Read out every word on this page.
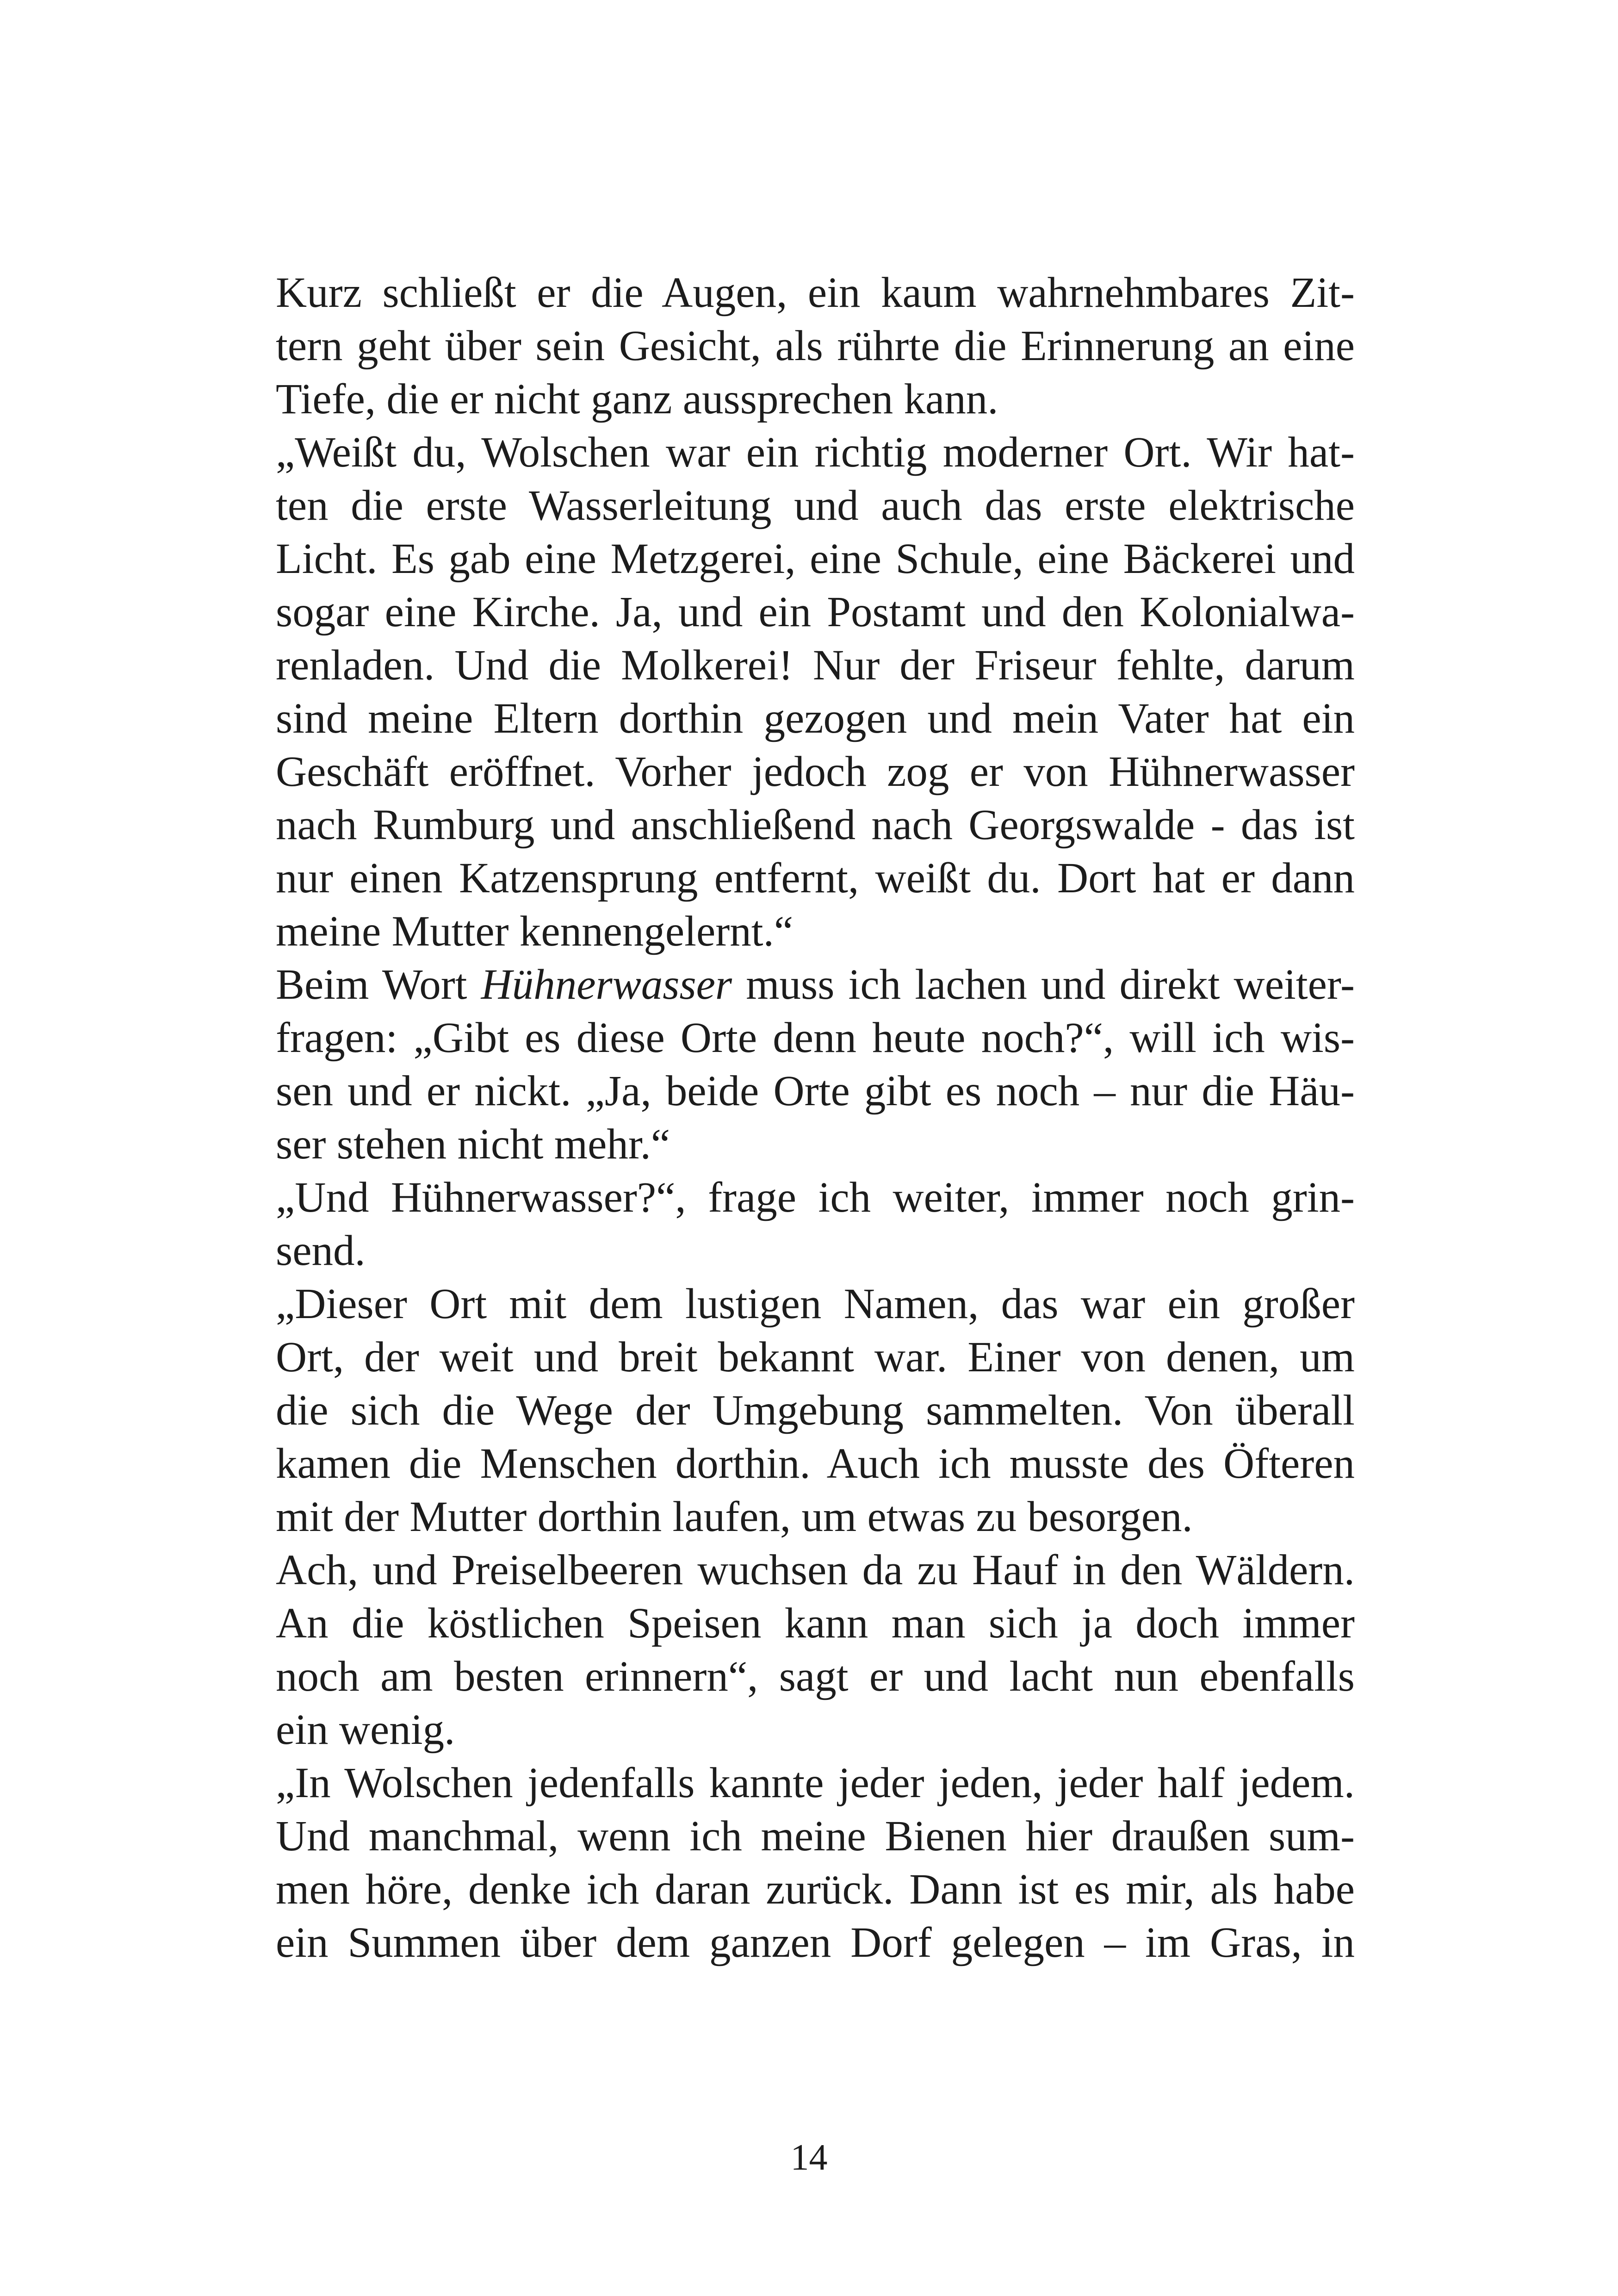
Kurz schließt er die Augen, ein kaum wahrnehmbares Zit-
tern geht über sein Gesicht, als rührte die Erinnerung an eine
Tiefe, die er nicht ganz aussprechen kann.
„Weißt du, Wolschen war ein richtig moderner Ort. Wir hat-
ten die erste Wasserleitung und auch das erste elektrische
Licht. Es gab eine Metzgerei, eine Schule, eine Bäckerei und
sogar eine Kirche. Ja, und ein Postamt und den Kolonialwa-
renladen. Und die Molkerei! Nur der Friseur fehlte, darum
sind meine Eltern dorthin gezogen und mein Vater hat ein
Geschäft eröffnet. Vorher jedoch zog er von Hühnerwasser
nach Rumburg und anschließend nach Georgswalde - das ist
nur einen Katzensprung entfernt, weißt du. Dort hat er dann
meine Mutter kennengelernt.“
Beim Wort Hühnerwasser muss ich lachen und direkt weiter-
fragen: „Gibt es diese Orte denn heute noch?“, will ich wis-
sen und er nickt. „Ja, beide Orte gibt es noch – nur die Häu-
ser stehen nicht mehr.“
„Und Hühnerwasser?“, frage ich weiter, immer noch grin-
send.
„Dieser Ort mit dem lustigen Namen, das war ein großer
Ort, der weit und breit bekannt war. Einer von denen, um
die sich die Wege der Umgebung sammelten. Von überall
kamen die Menschen dorthin. Auch ich musste des Öfteren
mit der Mutter dorthin laufen, um etwas zu besorgen.
Ach, und Preiselbeeren wuchsen da zu Hauf in den Wäldern.
An die köstlichen Speisen kann man sich ja doch immer
noch am besten erinnern“, sagt er und lacht nun ebenfalls
ein wenig.
„In Wolschen jedenfalls kannte jeder jeden, jeder half jedem.
Und manchmal, wenn ich meine Bienen hier draußen sum-
men höre, denke ich daran zurück. Dann ist es mir, als habe
ein Summen über dem ganzen Dorf gelegen – im Gras, in
14
